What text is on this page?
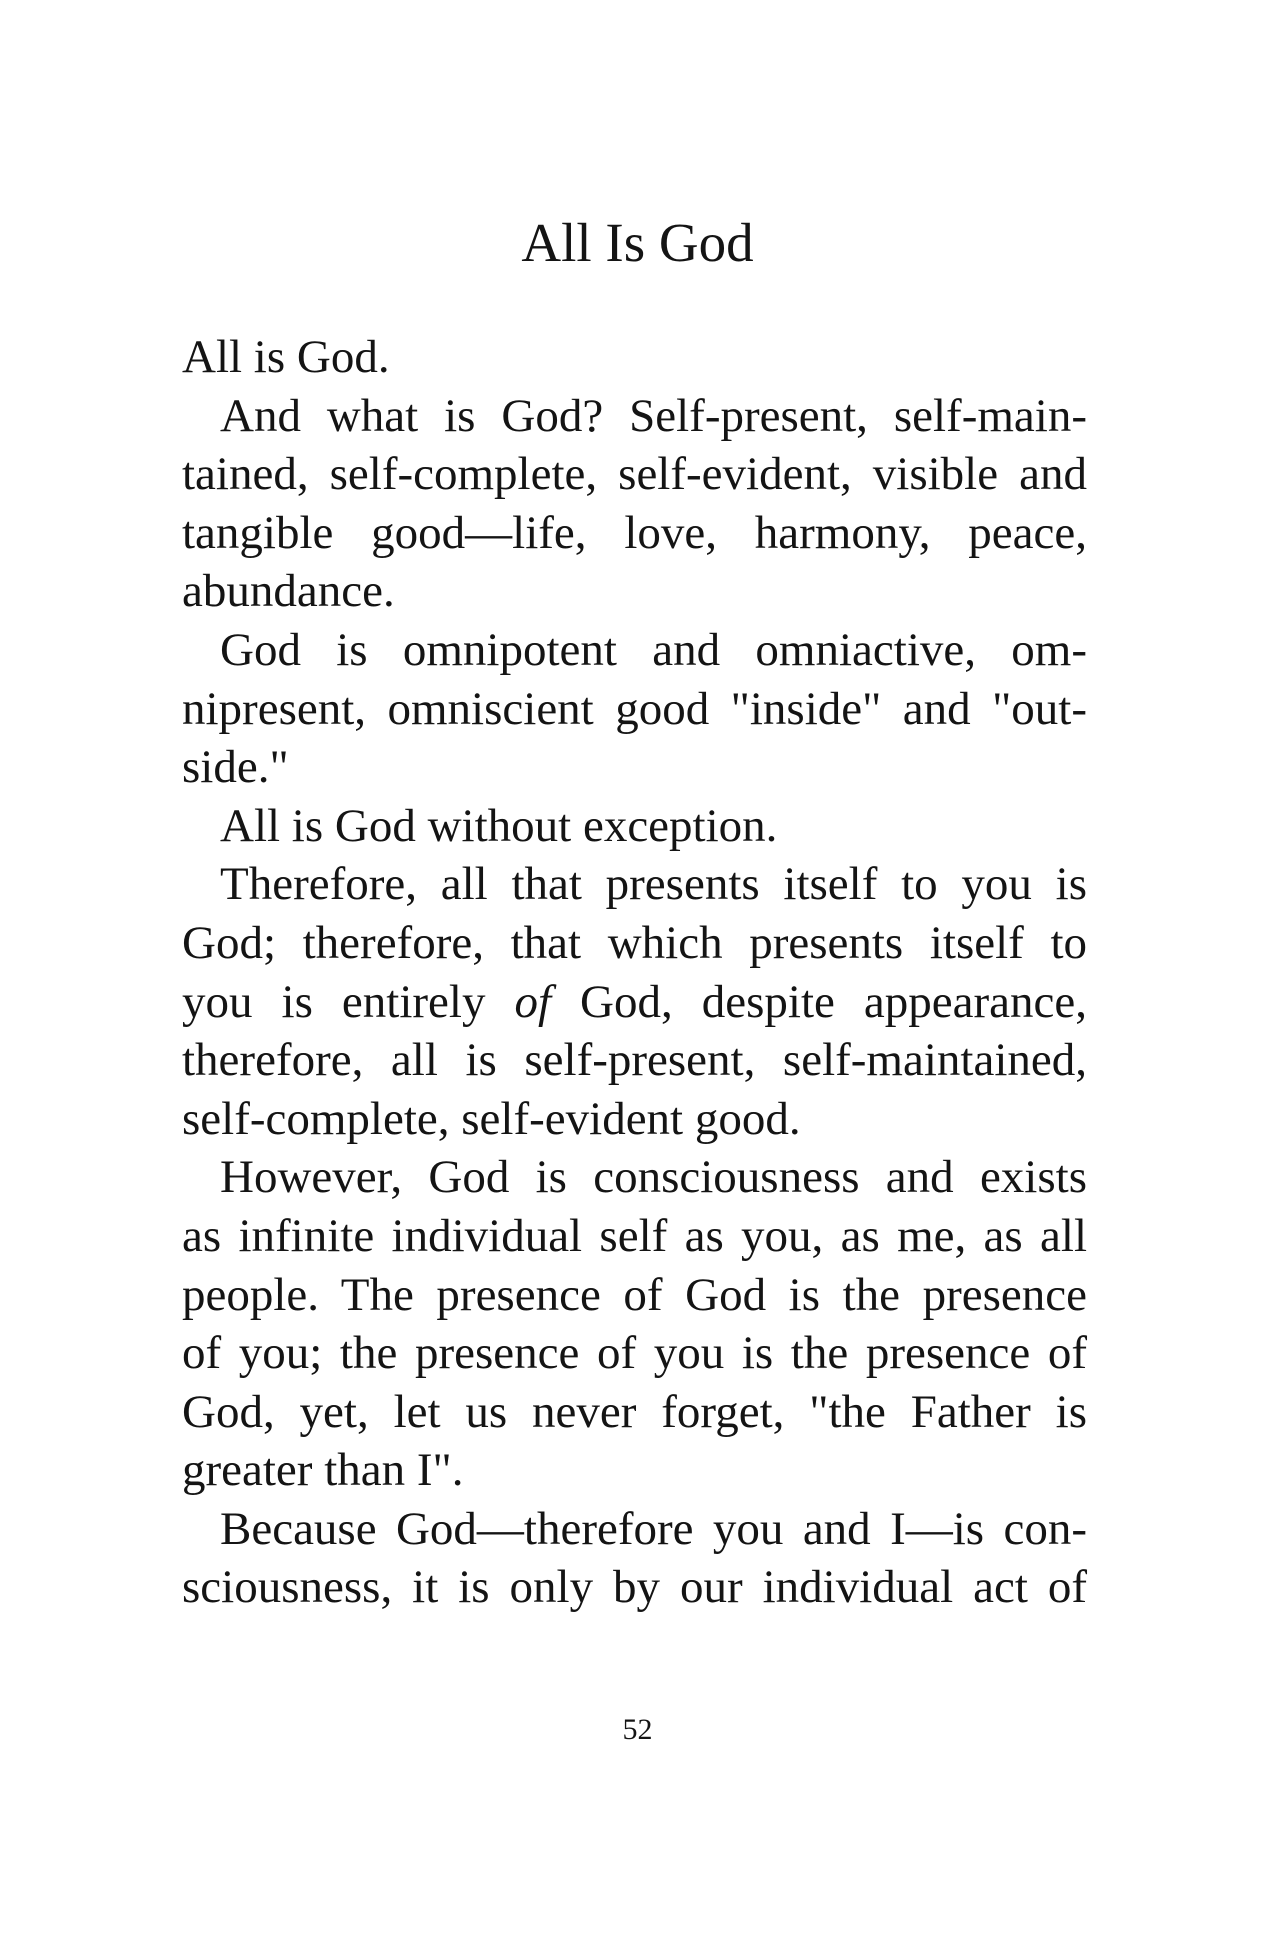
All Is God
All is God.
And what is God? Self-present, self-main-
tained, self-complete, self-evident, visible and
tangible good—life, love, harmony, peace,
abundance.
God is omnipotent and omniactive, om-
nipresent, omniscient good "inside" and "out-
side."
All is God without exception.
Therefore, all that presents itself to you is
God; therefore, that which presents itself to
you is entirely of God, despite appearance,
therefore, all is self-present, self-maintained,
self-complete, self-evident good.
However, God is consciousness and exists
as infinite individual self as you, as me, as all
people. The presence of God is the presence
of you; the presence of you is the presence of
God, yet, let us never forget, "the Father is
greater than I".
Because God—therefore you and I—is con-
sciousness, it is only by our individual act of
52
